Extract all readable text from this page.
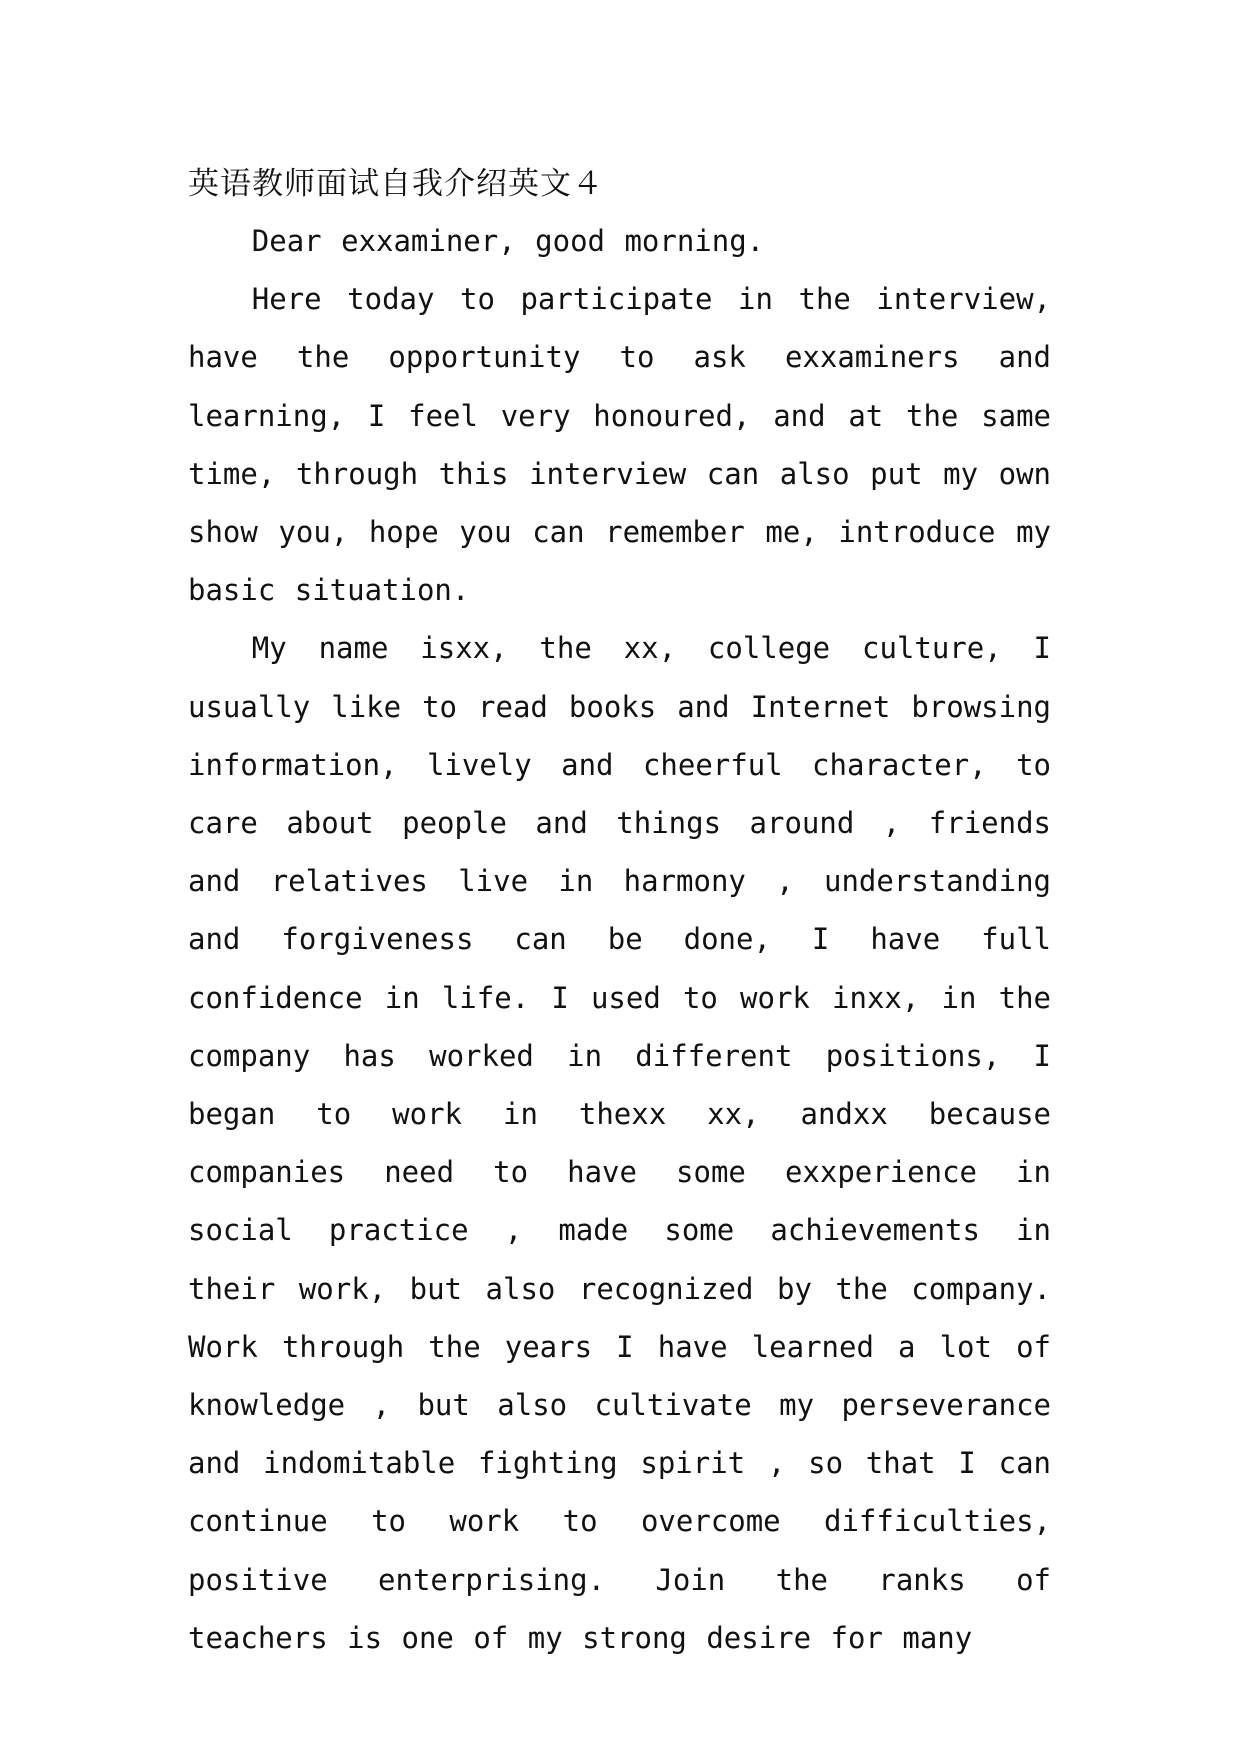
英语教师面试自我介绍英文４

Dear exxaminer, good morning.

Here today to participate in the interview, have the opportunity to ask exxaminers and learning, I feel very honoured, and at the same time, through this interview can also put my own show you, hope you can remember me, introduce my basic situation.

My name isxx, the xx, college culture, I usually like to read books and Internet browsing information, lively and cheerful character, to care about people and things around , friends and relatives live in harmony , understanding and forgiveness can be done, I have full confidence in life. I used to work inxx, in the company has worked in different positions, I began to work in thexx xx, andxx because companies need to have some exxperience in social practice , made some achievements in their work, but also recognized by the company. Work through the years I have learned a lot of knowledge , but also cultivate my perseverance and indomitable fighting spirit , so that I can continue to work to overcome difficulties, positive enterprising. Join the ranks of teachers is one of my strong desire for many
